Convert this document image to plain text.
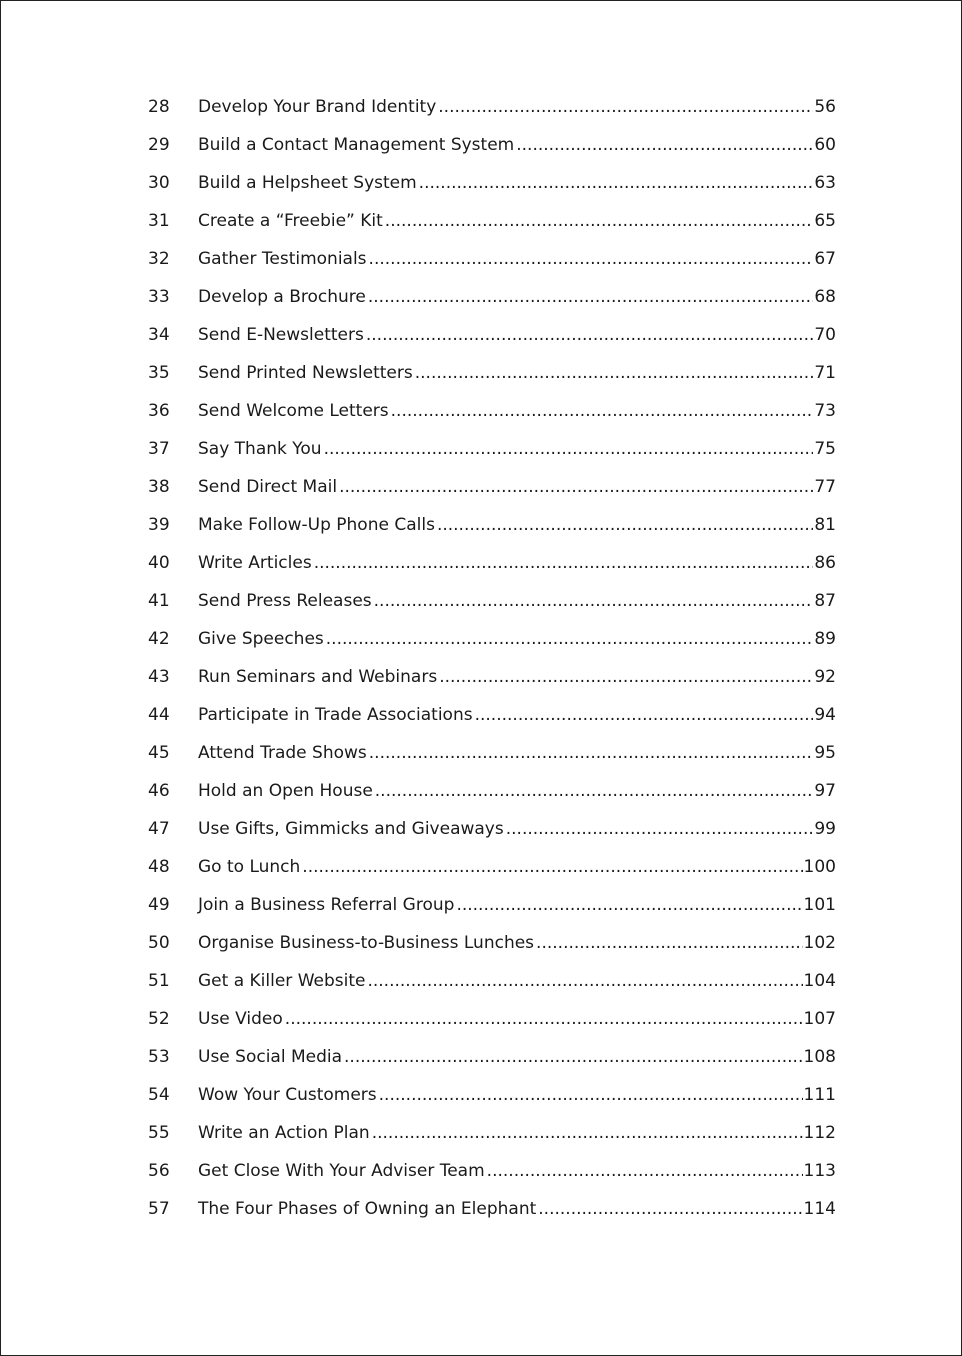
28	Develop Your Brand Identity .....	56
29	Build a Contact Management System .....	60
30	Build a Helpsheet System .....	63
31	Create a “Freebie” Kit .....	65
32	Gather Testimonials .....	67
33	Develop a Brochure .....	68
34	Send E-Newsletters .....	70
35	Send Printed Newsletters .....	71
36	Send Welcome Letters .....	73
37	Say Thank You .....	75
38	Send Direct Mail .....	77
39	Make Follow-Up Phone Calls .....	81
40	Write Articles .....	86
41	Send Press Releases .....	87
42	Give Speeches .....	89
43	Run Seminars and Webinars .....	92
44	Participate in Trade Associations .....	94
45	Attend Trade Shows .....	95
46	Hold an Open House .....	97
47	Use Gifts, Gimmicks and Giveaways .....	99
48	Go to Lunch .....	100
49	Join a Business Referral Group .....	101
50	Organise Business-to-Business Lunches .....	102
51	Get a Killer Website .....	104
52	Use Video .....	107
53	Use Social Media .....	108
54	Wow Your Customers .....	111
55	Write an Action Plan .....	112
56	Get Close With Your Adviser Team .....	113
57	The Four Phases of Owning an Elephant .....	114
